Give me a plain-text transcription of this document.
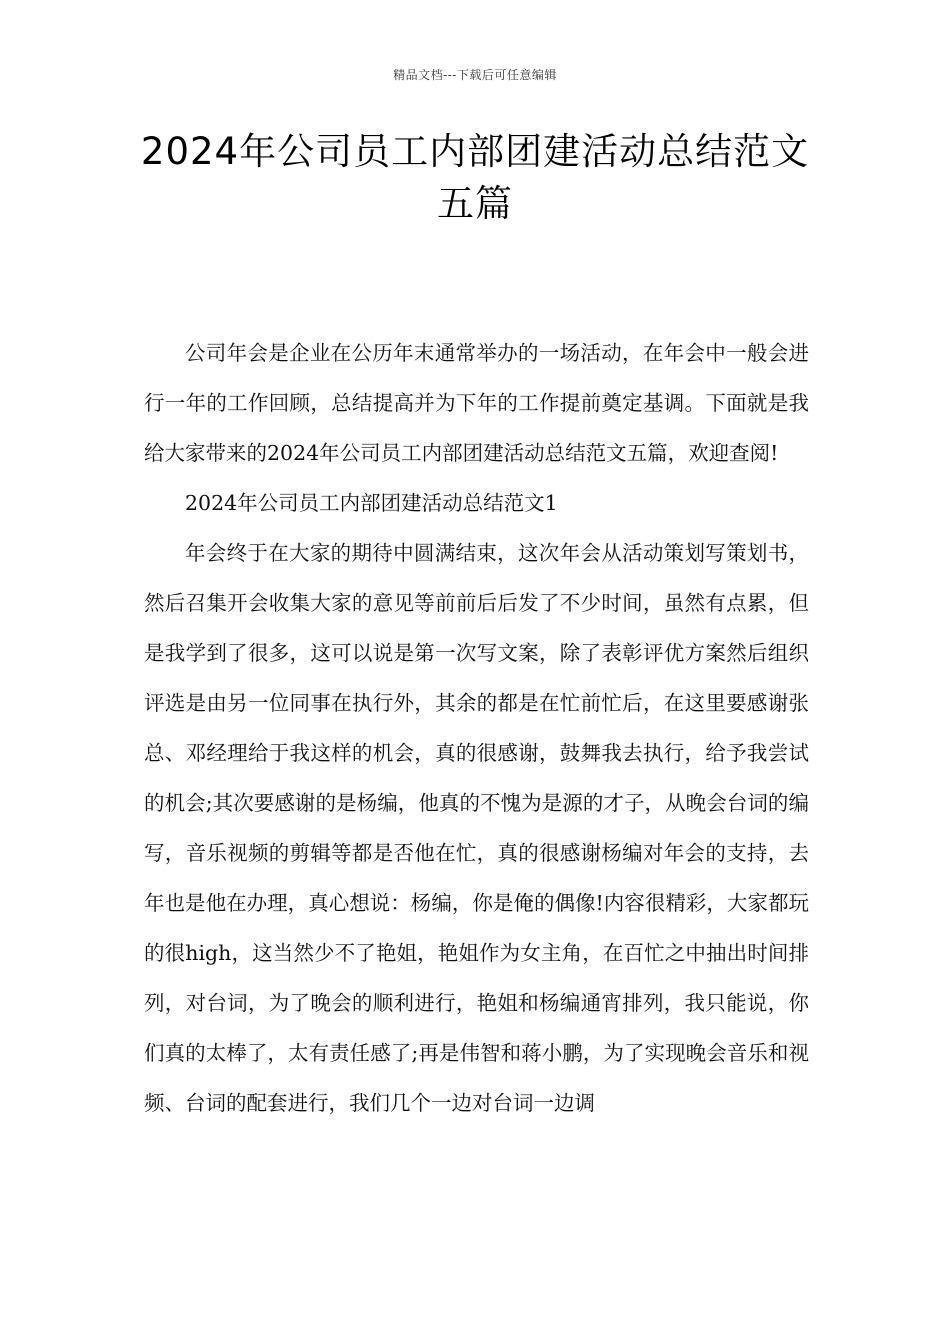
精品文档---下载后可任意编辑
2024年公司员工内部团建活动总结范文
五篇

公司年会是企业在公历年末通常举办的一场活动，在年会中一般会进行一年的工作回顾，总结提高并为下年的工作提前奠定基调。下面就是我给大家带来的2024年公司员工内部团建活动总结范文五篇，欢迎查阅!

2024年公司员工内部团建活动总结范文1

年会终于在大家的期待中圆满结束，这次年会从活动策划写策划书，然后召集开会收集大家的意见等前前后后发了不少时间，虽然有点累，但是我学到了很多，这可以说是第一次写文案，除了表彰评优方案然后组织评选是由另一位同事在执行外，其余的都是在忙前忙后，在这里要感谢张总、邓经理给于我这样的机会，真的很感谢，鼓舞我去执行，给予我尝试的机会;其次要感谢的是杨编，他真的不愧为是源的才子，从晚会台词的编写，音乐视频的剪辑等都是否他在忙，真的很感谢杨编对年会的支持，去年也是他在办理，真心想说：杨编，你是俺的偶像!内容很精彩，大家都玩的很high，这当然少不了艳姐，艳姐作为女主角，在百忙之中抽出时间排列，对台词，为了晚会的顺利进行，艳姐和杨编通宵排列，我只能说，你们真的太棒了，太有责任感了;再是伟智和蒋小鹏，为了实现晚会音乐和视频、台词的配套进行，我们几个一边对台词一边调
